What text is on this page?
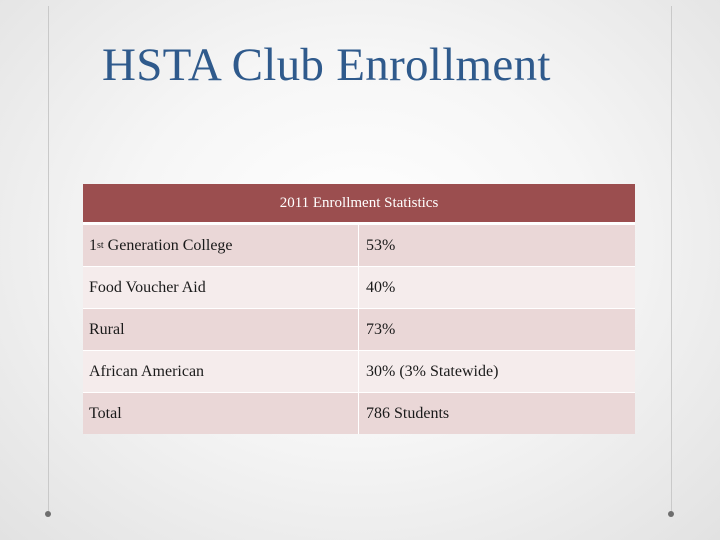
HSTA Club Enrollment
2011 Enrollment Statistics
1 st Generation College	53%
Food Voucher Aid	40%
Rural	73%
African American	30% (3% Statewide)
Total	786 Students
